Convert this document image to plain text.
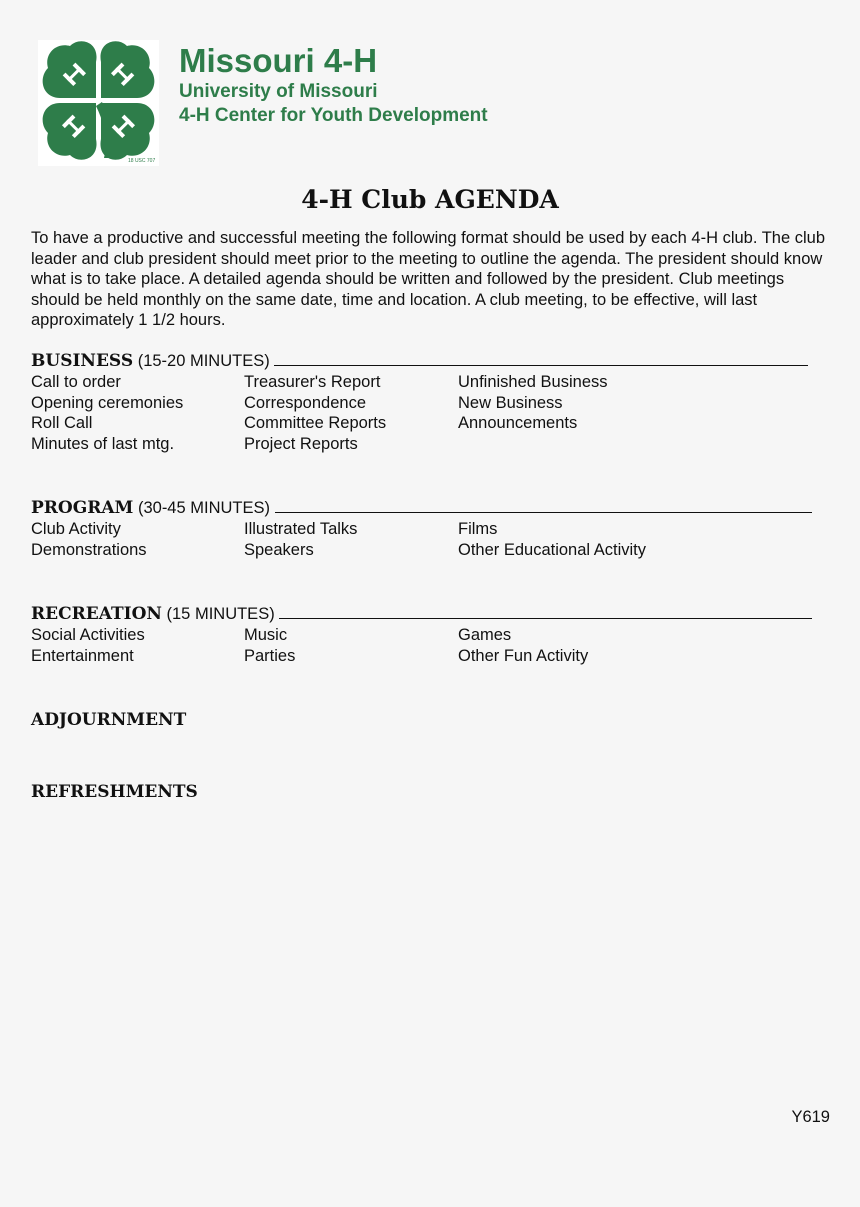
18 USC 707
Missouri 4-H
University of Missouri
4-H Center for Youth Development
4-H Club AGENDA

To have a productive and successful meeting the following format should be used by each 4-H club. The club leader and club president should meet prior to the meeting to outline the agenda. The president should know what is to take place. A detailed agenda should be written and followed by the president. Club meetings should be held monthly on the same date, time and location. A club meeting, to be effective, will last approximately 1 1/2 hours.

BUSINESS (15-20 MINUTES)
Call to order	Treasurer's Report	Unfinished Business
Opening ceremonies	Correspondence	New Business
Roll Call	Committee Reports	Announcements
Minutes of last mtg.	Project Reports
PROGRAM (30-45 MINUTES)
Club Activity	Illustrated Talks	Films
Demonstrations	Speakers	Other Educational Activity
RECREATION (15 MINUTES)
Social Activities	Music	Games
Entertainment	Parties	Other Fun Activity
ADJOURNMENT
REFRESHMENTS
Y619
